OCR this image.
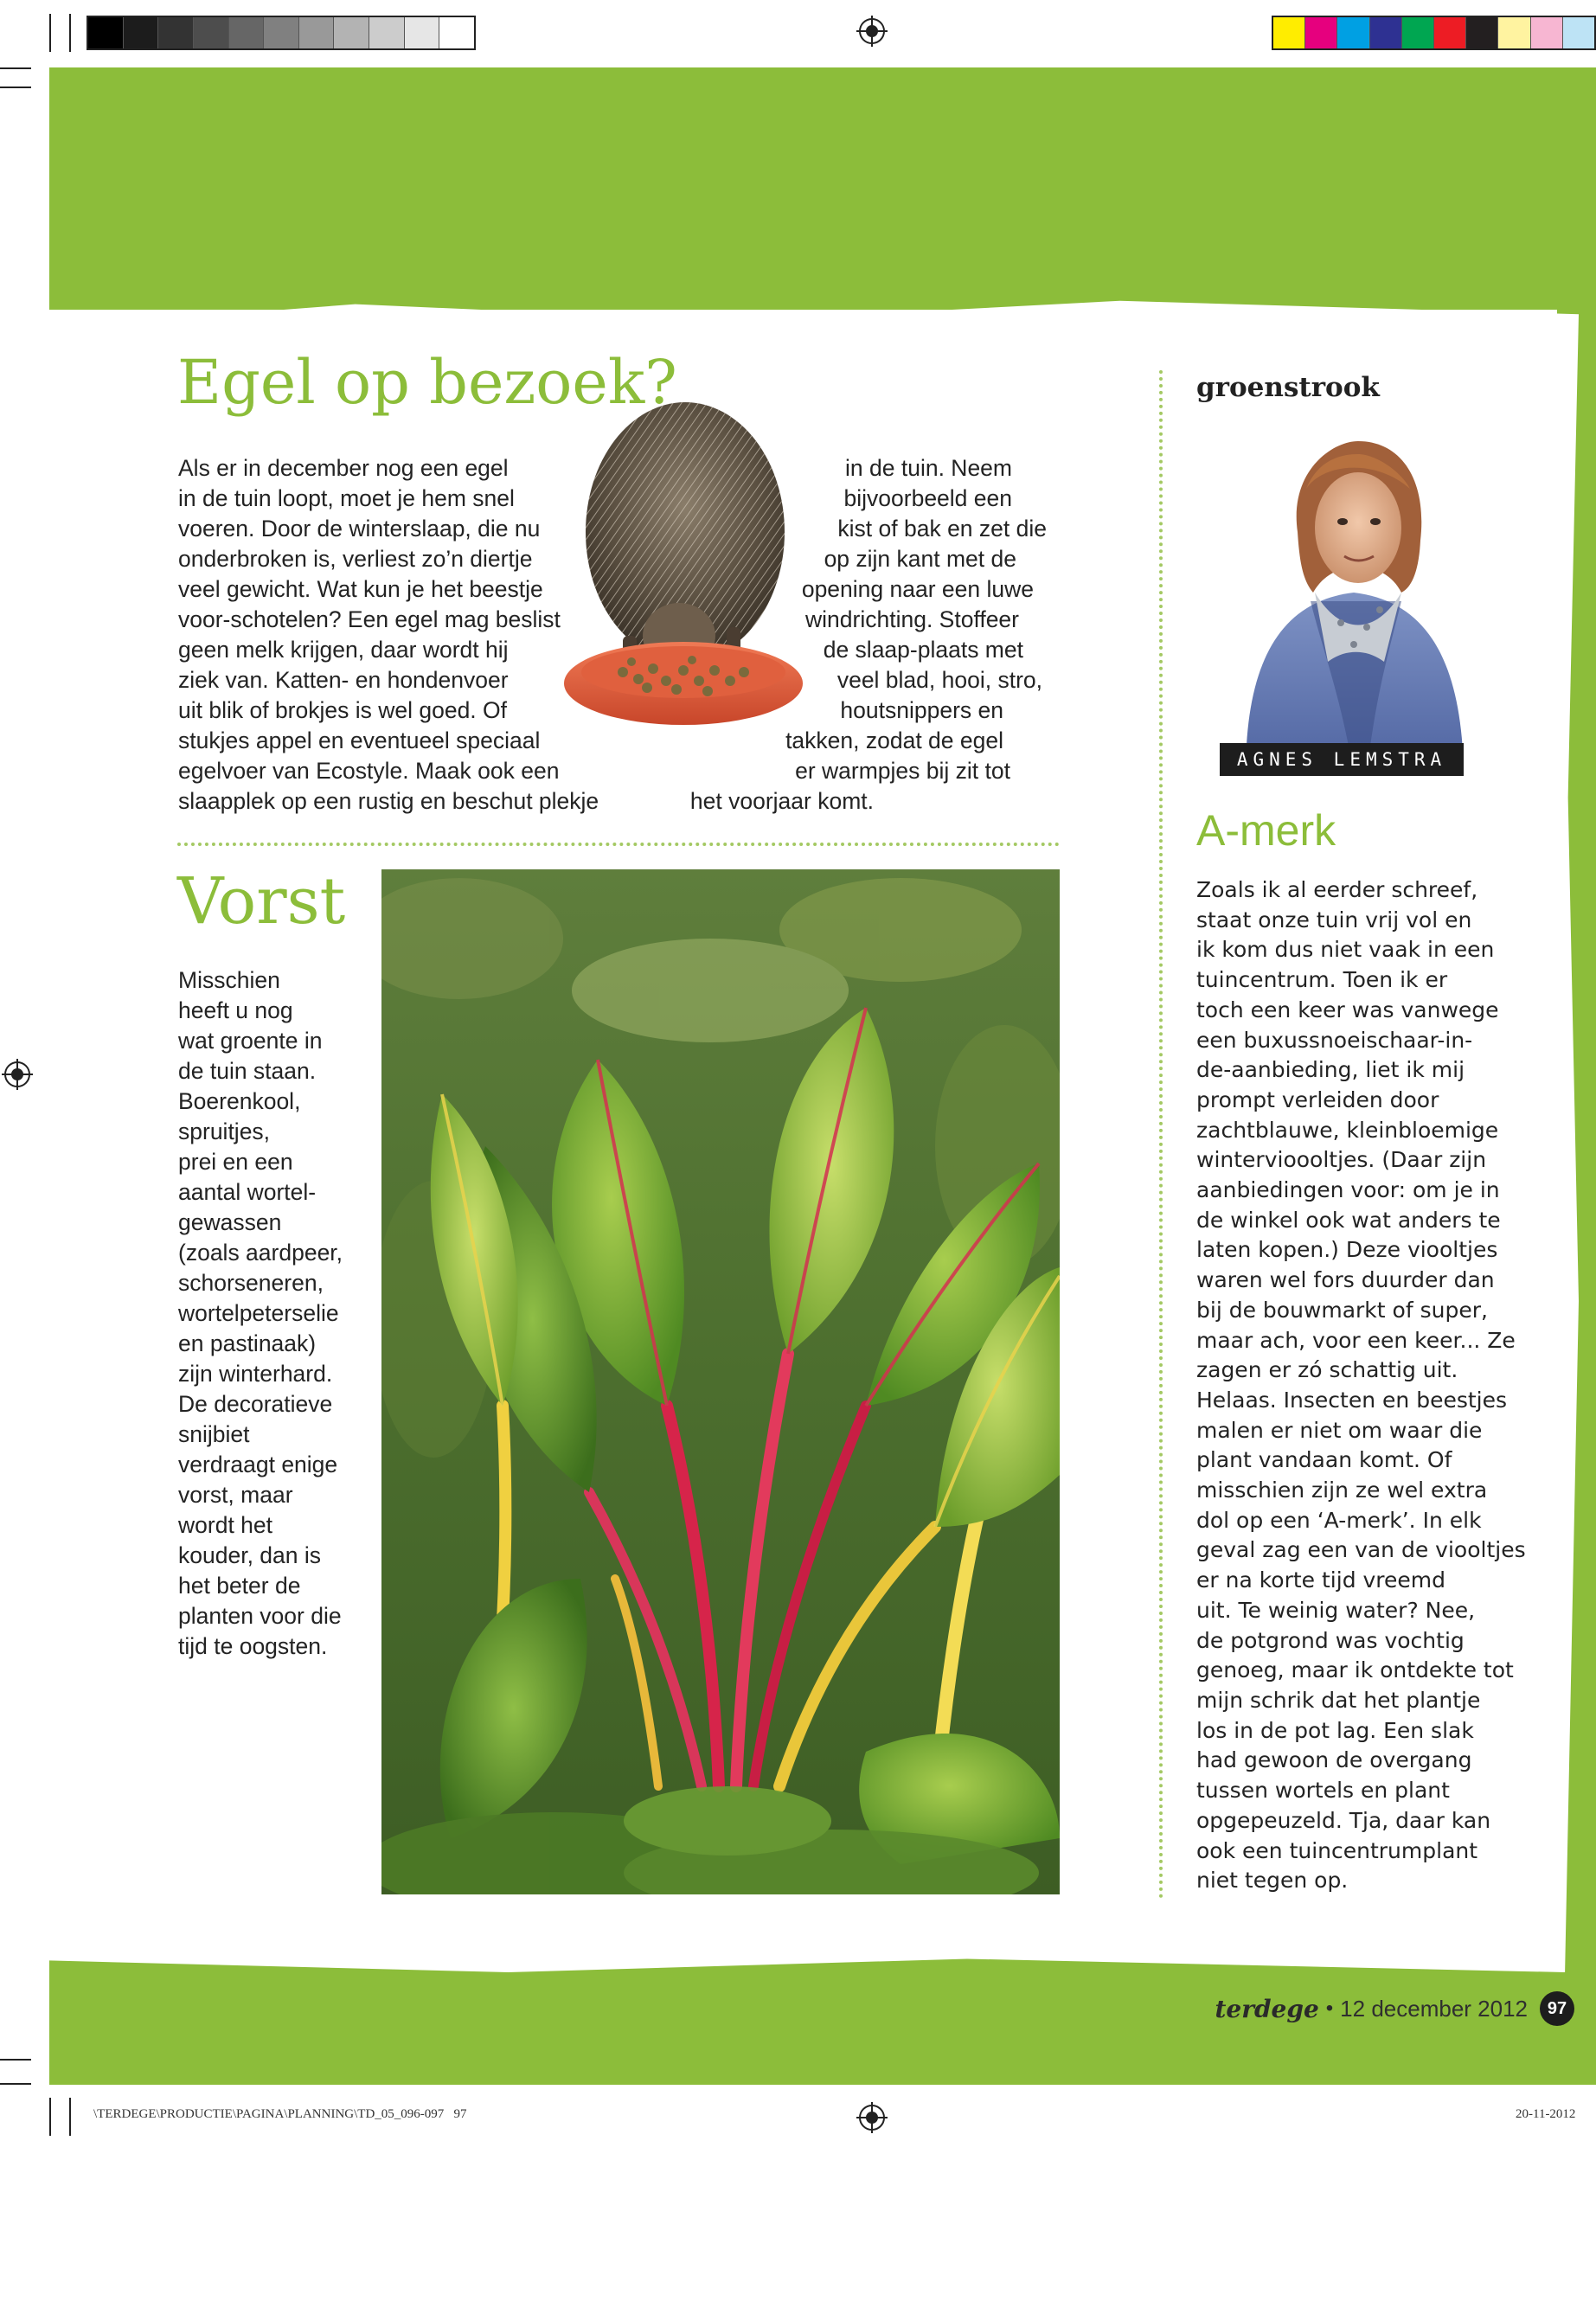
Egel op bezoek?
Als er in december nog een egel
in de tuin loopt, moet je hem snel
voeren. Door de winterslaap, die nu
onderbroken is, verliest zo’n diertje
veel gewicht. Wat kun je het beestje
voor-schotelen? Een egel mag beslist
geen melk krijgen, daar wordt hij
ziek van. Katten- en hondenvoer
uit blik of brokjes is wel goed. Of
stukjes appel en eventueel speciaal
egelvoer van Ecostyle. Maak ook een
slaapplek op een rustig en beschut plekje
in de tuin. Neem
bijvoorbeeld een
kist of bak en zet die
op zijn kant met de
opening naar een luwe
windrichting. Stoffeer
de slaap-plaats met
veel blad, hooi, stro,
houtsnippers en
takken, zodat de egel
er warmpjes bij zit tot
het voorjaar komt.
Vorst
Misschien
heeft u nog
wat groente in
de tuin staan.
Boerenkool,
spruitjes,
prei en een
aantal wortel-
gewassen
(zoals aardpeer,
schorseneren,
wortelpeterselie
en pastinaak)
zijn winterhard.
De decoratieve
snijbiet
verdraagt enige
vorst, maar
wordt het
kouder, dan is
het beter de
planten voor die
tijd te oogsten.
groenstrook
AGNES LEMSTRA
A-merk
Zoals ik al eerder schreef,
staat onze tuin vrij vol en
ik kom dus niet vaak in een
tuincentrum. Toen ik er
toch een keer was vanwege
een buxussnoeischaar-in-
de-aanbieding, liet ik mij
prompt verleiden door
zachtblauwe, kleinbloemige
wintervioooltjes. (Daar zijn
aanbiedingen voor: om je in
de winkel ook wat anders te
laten kopen.) Deze viooltjes
waren wel fors duurder dan
bij de bouwmarkt of super,
maar ach, voor een keer... Ze
zagen er zó schattig uit.
Helaas. Insecten en beestjes
malen er niet om waar die
plant vandaan komt. Of
misschien zijn ze wel extra
dol op een ‘A-merk’. In elk
geval zag een van de viooltjes
er na korte tijd vreemd
uit. Te weinig water? Nee,
de potgrond was vochtig
genoeg, maar ik ontdekte tot
mijn schrik dat het plantje
los in de pot lag. Een slak
had gewoon de overgang
tussen wortels en plant
opgepeuzeld. Tja, daar kan
ook een tuincentrumplant
niet tegen op.
terdege • 12 december 2012	97
\TERDEGE\PRODUCTIE\PAGINA\PLANNING\TD_05_096-097   97	20-11-2012
